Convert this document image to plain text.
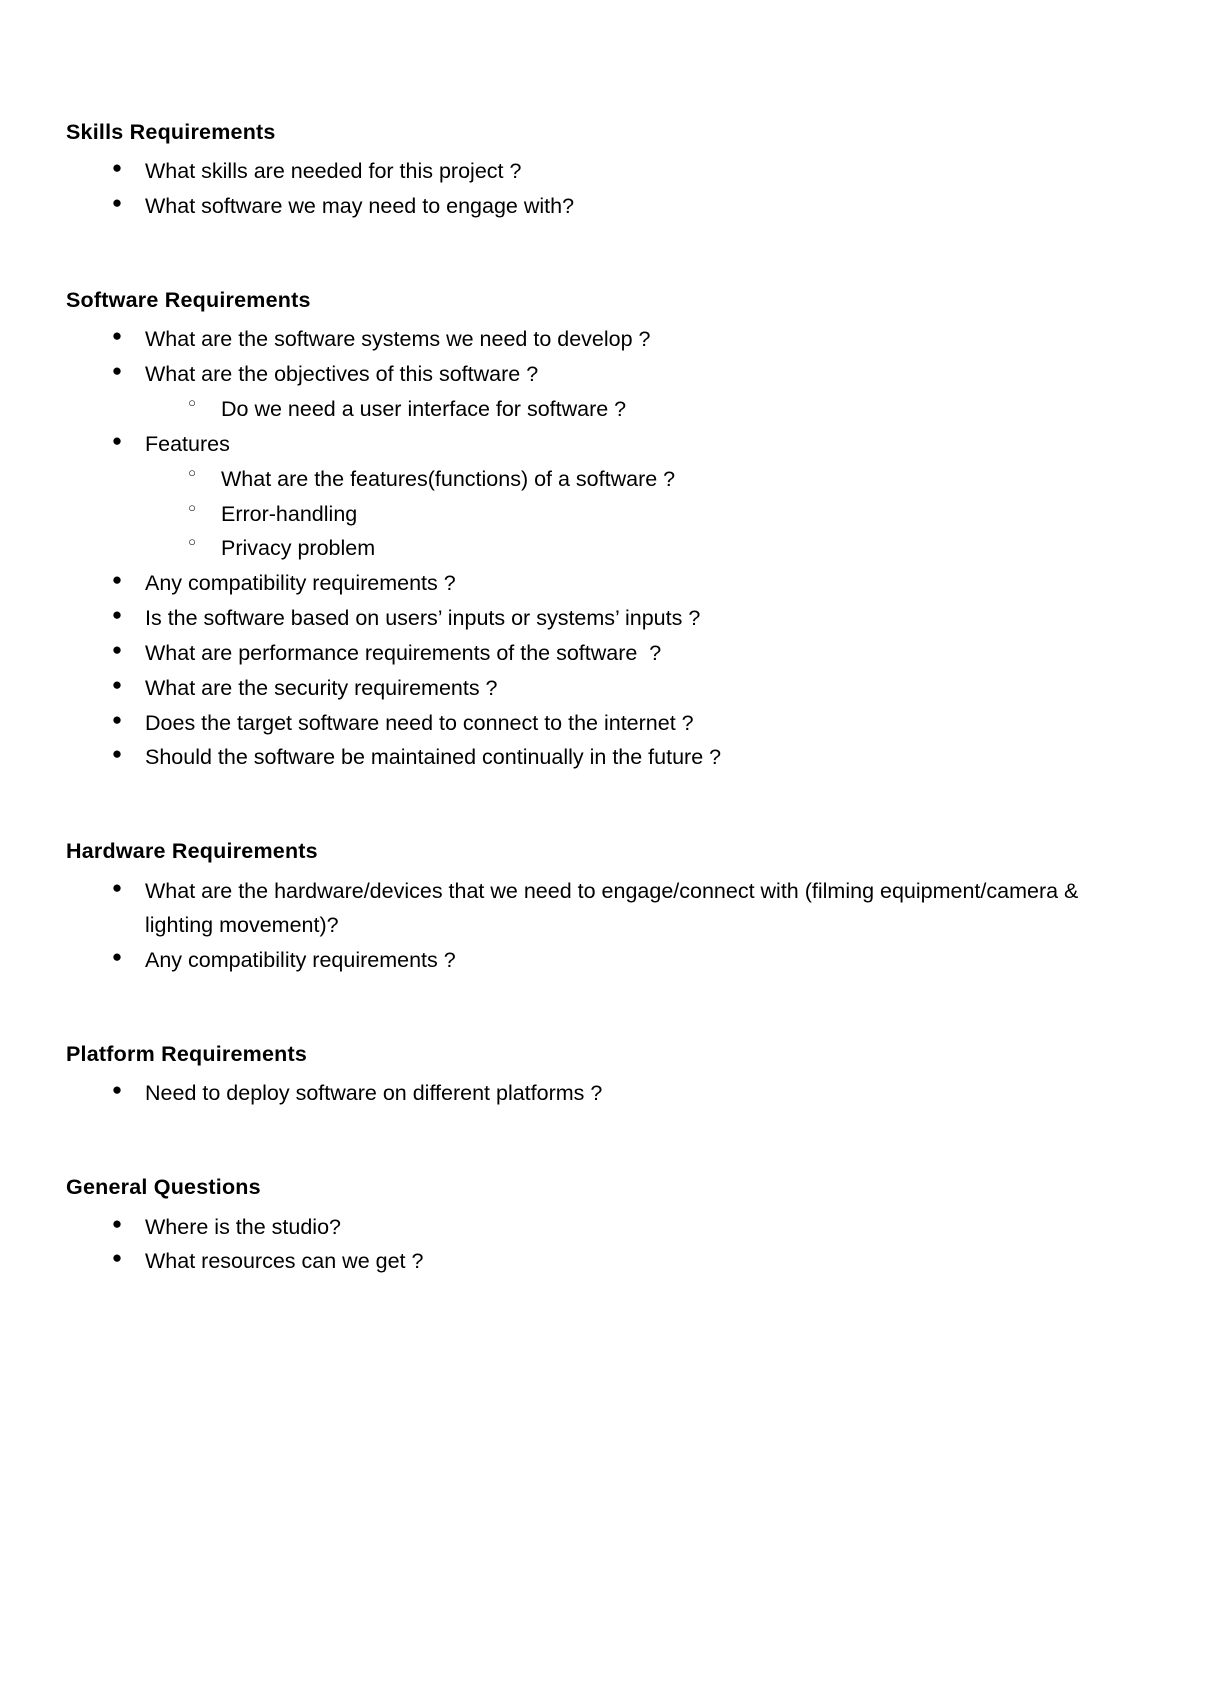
Skills Requirements
● What skills are needed for this project ?
● What software we may need to engage with?
Software Requirements
● What are the software systems we need to develop ?
● What are the objectives of this software ?
○ Do we need a user interface for software ?
● Features
○ What are the features(functions) of a software ?
○ Error-handling
○ Privacy problem
● Any compatibility requirements ?
● Is the software based on users’ inputs or systems’ inputs ?
● What are performance requirements of the software  ?
● What are the security requirements ?
● Does the target software need to connect to the internet ?
● Should the software be maintained continually in the future ?
Hardware Requirements
● What are the hardware/devices that we need to engage/connect with (filming equipment/camera & lighting movement)?
● Any compatibility requirements ?
Platform Requirements
● Need to deploy software on different platforms ?
General Questions
● Where is the studio?
● What resources can we get ?
